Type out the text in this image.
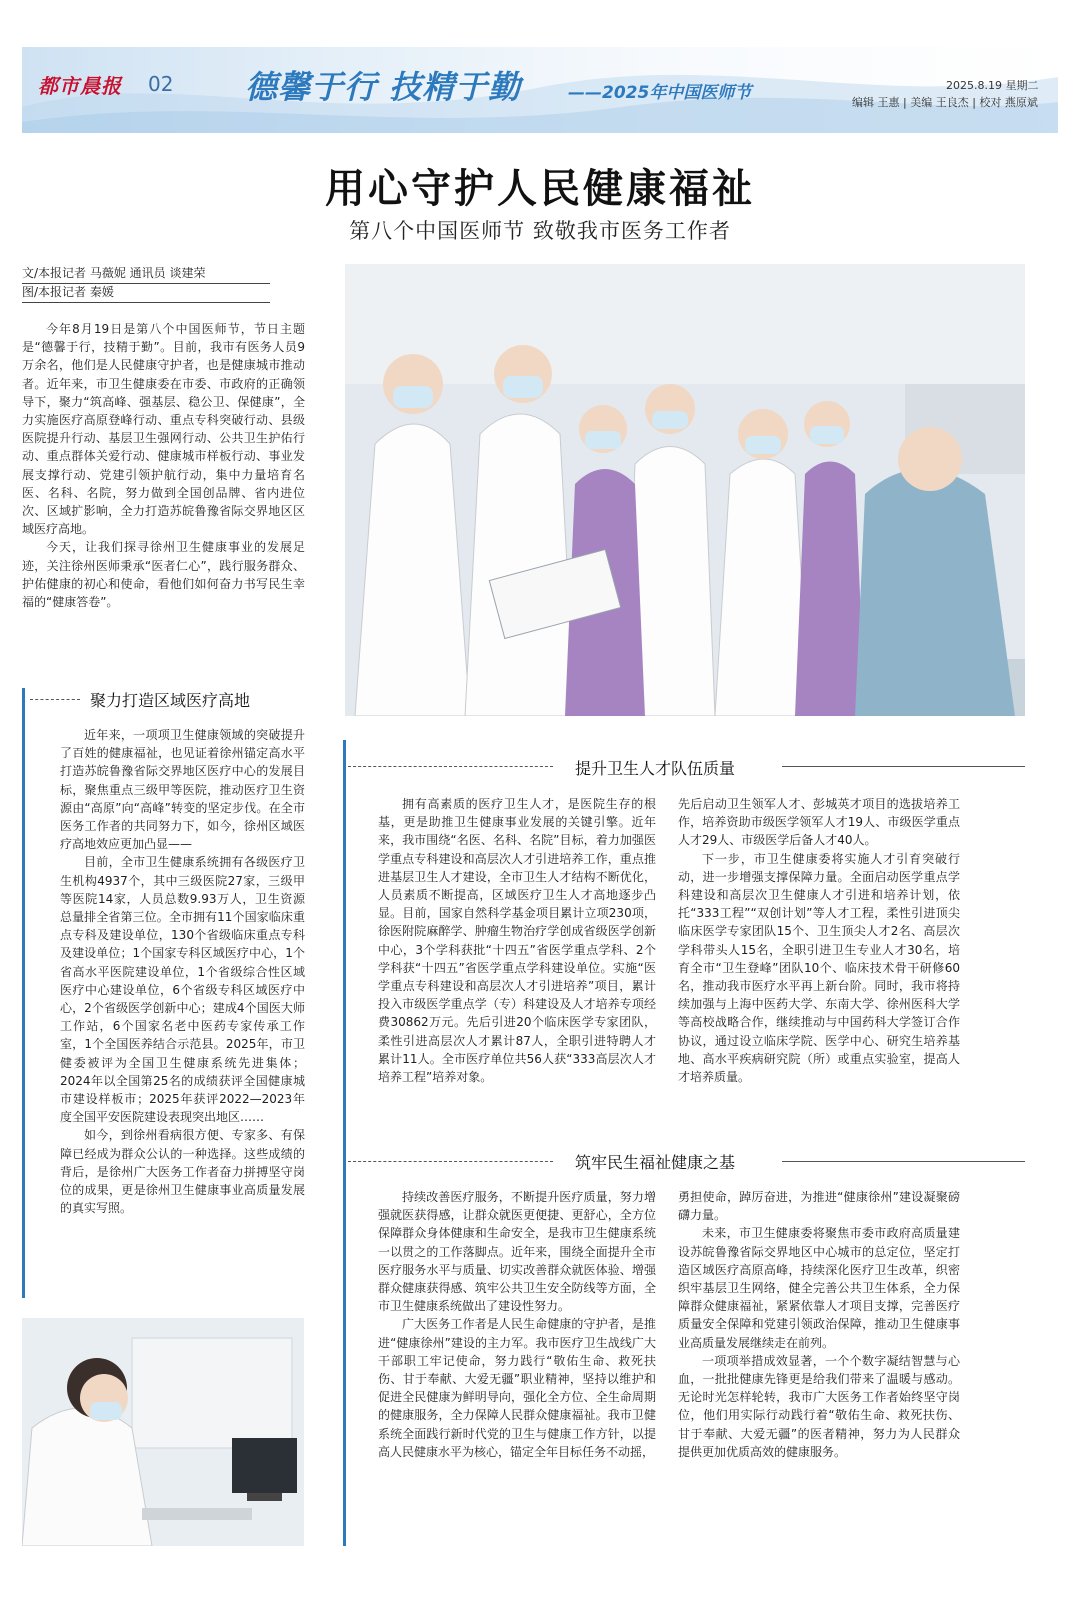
都市晨报 02 德馨于行 技精于勤	——2025年中国医师节	2025.8.19 星期二
编辑 王惠 | 美编 王良杰 | 校对 燕原斌
用心守护人民健康福祉
第八个中国医师节 致敬我市医务工作者
文/本报记者 马薇妮 通讯员 谈建荣
图/本报记者 秦媛

今年8月19日是第八个中国医师节，节日主题是“德馨于行，技精于勤”。目前，我市有医务人员9万余名，他们是人民健康守护者，也是健康城市推动者。近年来，市卫生健康委在市委、市政府的正确领导下，聚力“筑高峰、强基层、稳公卫、保健康”，全力实施医疗高原登峰行动、重点专科突破行动、县级医院提升行动、基层卫生强网行动、公共卫生护佑行动、重点群体关爱行动、健康城市样板行动、事业发展支撑行动、党建引领护航行动，集中力量培育名医、名科、名院，努力做到全国创品牌、省内进位次、区域扩影响，全力打造苏皖鲁豫省际交界地区区域医疗高地。

今天，让我们探寻徐州卫生健康事业的发展足迹，关注徐州医师秉承“医者仁心”，践行服务群众、护佑健康的初心和使命，看他们如何奋力书写民生幸福的“健康答卷”。

聚力打造区域医疗高地

近年来，一项项卫生健康领域的突破提升了百姓的健康福祉，也见证着徐州锚定高水平打造苏皖鲁豫省际交界地区医疗中心的发展目标，聚焦重点三级甲等医院，推动医疗卫生资源由“高原”向“高峰”转变的坚定步伐。在全市医务工作者的共同努力下，如今，徐州区域医疗高地效应更加凸显——

目前，全市卫生健康系统拥有各级医疗卫生机构4937个，其中三级医院27家，三级甲等医院14家，人员总数9.93万人，卫生资源总量排全省第三位。全市拥有11个国家临床重点专科及建设单位，130个省级临床重点专科及建设单位；1个国家专科区域医疗中心，1个省高水平医院建设单位，1个省级综合性区域医疗中心建设单位，6个省级专科区域医疗中心，2个省级医学创新中心；建成4个国医大师工作站，6个国家名老中医药专家传承工作室，1个全国医养结合示范县。2025年，市卫健委被评为全国卫生健康系统先进集体；2024年以全国第25名的成绩获评全国健康城市建设样板市；2025年获评2022—2023年度全国平安医院建设表现突出地区……

如今，到徐州看病很方便、专家多、有保障已经成为群众公认的一种选择。这些成绩的背后，是徐州广大医务工作者奋力拼搏坚守岗位的成果，更是徐州卫生健康事业高质量发展的真实写照。

提升卫生人才队伍质量

拥有高素质的医疗卫生人才，是医院生存的根基，更是助推卫生健康事业发展的关键引擎。近年来，我市围绕“名医、名科、名院”目标，着力加强医学重点专科建设和高层次人才引进培养工作，重点推进基层卫生人才建设，全市卫生人才结构不断优化，人员素质不断提高，区域医疗卫生人才高地逐步凸显。目前，国家自然科学基金项目累计立项230项，徐医附院麻醉学、肿瘤生物治疗学创成省级医学创新中心，3个学科获批“十四五”省医学重点学科、2个学科获“十四五”省医学重点学科建设单位。实施“医学重点专科建设和高层次人才引进培养”项目，累计投入市级医学重点学（专）科建设及人才培养专项经费30862万元。先后引进20个临床医学专家团队，柔性引进高层次人才累计87人，全职引进特聘人才累计11人。全市医疗单位共56人获“333高层次人才培养工程”培养对象。

先后启动卫生领军人才、彭城英才项目的选拔培养工作，培养资助市级医学领军人才19人、市级医学重点人才29人、市级医学后备人才40人。

下一步，市卫生健康委将实施人才引育突破行动，进一步增强支撑保障力量。全面启动医学重点学科建设和高层次卫生健康人才引进和培养计划，依托“333工程”“双创计划”等人才工程，柔性引进顶尖临床医学专家团队15个、卫生顶尖人才2名、高层次学科带头人15名，全职引进卫生专业人才30名，培育全市“卫生登峰”团队10个、临床技术骨干研修60名，推动我市医疗水平再上新台阶。同时，我市将持续加强与上海中医药大学、东南大学、徐州医科大学等高校战略合作，继续推动与中国药科大学签订合作协议，通过设立临床学院、医学中心、研究生培养基地、高水平疾病研究院（所）或重点实验室，提高人才培养质量。

筑牢民生福祉健康之基

持续改善医疗服务，不断提升医疗质量，努力增强就医获得感，让群众就医更便捷、更舒心，全方位保障群众身体健康和生命安全，是我市卫生健康系统一以贯之的工作落脚点。近年来，围绕全面提升全市医疗服务水平与质量、切实改善群众就医体验、增强群众健康获得感、筑牢公共卫生安全防线等方面，全市卫生健康系统做出了建设性努力。

广大医务工作者是人民生命健康的守护者，是推进“健康徐州”建设的主力军。我市医疗卫生战线广大干部职工牢记使命，努力践行“敬佑生命、救死扶伤、甘于奉献、大爱无疆”职业精神，坚持以维护和促进全民健康为鲜明导向，强化全方位、全生命周期的健康服务，全力保障人民群众健康福祉。我市卫健系统全面践行新时代党的卫生与健康工作方针，以提高人民健康水平为核心，锚定全年目标任务不动摇，

勇担使命，踔厉奋进，为推进“健康徐州”建设凝聚磅礴力量。

未来，市卫生健康委将聚焦市委市政府高质量建设苏皖鲁豫省际交界地区中心城市的总定位，坚定打造区域医疗高原高峰，持续深化医疗卫生改革，织密织牢基层卫生网络，健全完善公共卫生体系，全力保障群众健康福祉，紧紧依靠人才项目支撑，完善医疗质量安全保障和党建引领政治保障，推动卫生健康事业高质量发展继续走在前列。

一项项举措成效显著，一个个数字凝结智慧与心血，一批批健康先锋更是给我们带来了温暖与感动。无论时光怎样轮转，我市广大医务工作者始终坚守岗位，他们用实际行动践行着“敬佑生命、救死扶伤、甘于奉献、大爱无疆”的医者精神，努力为人民群众提供更加优质高效的健康服务。
